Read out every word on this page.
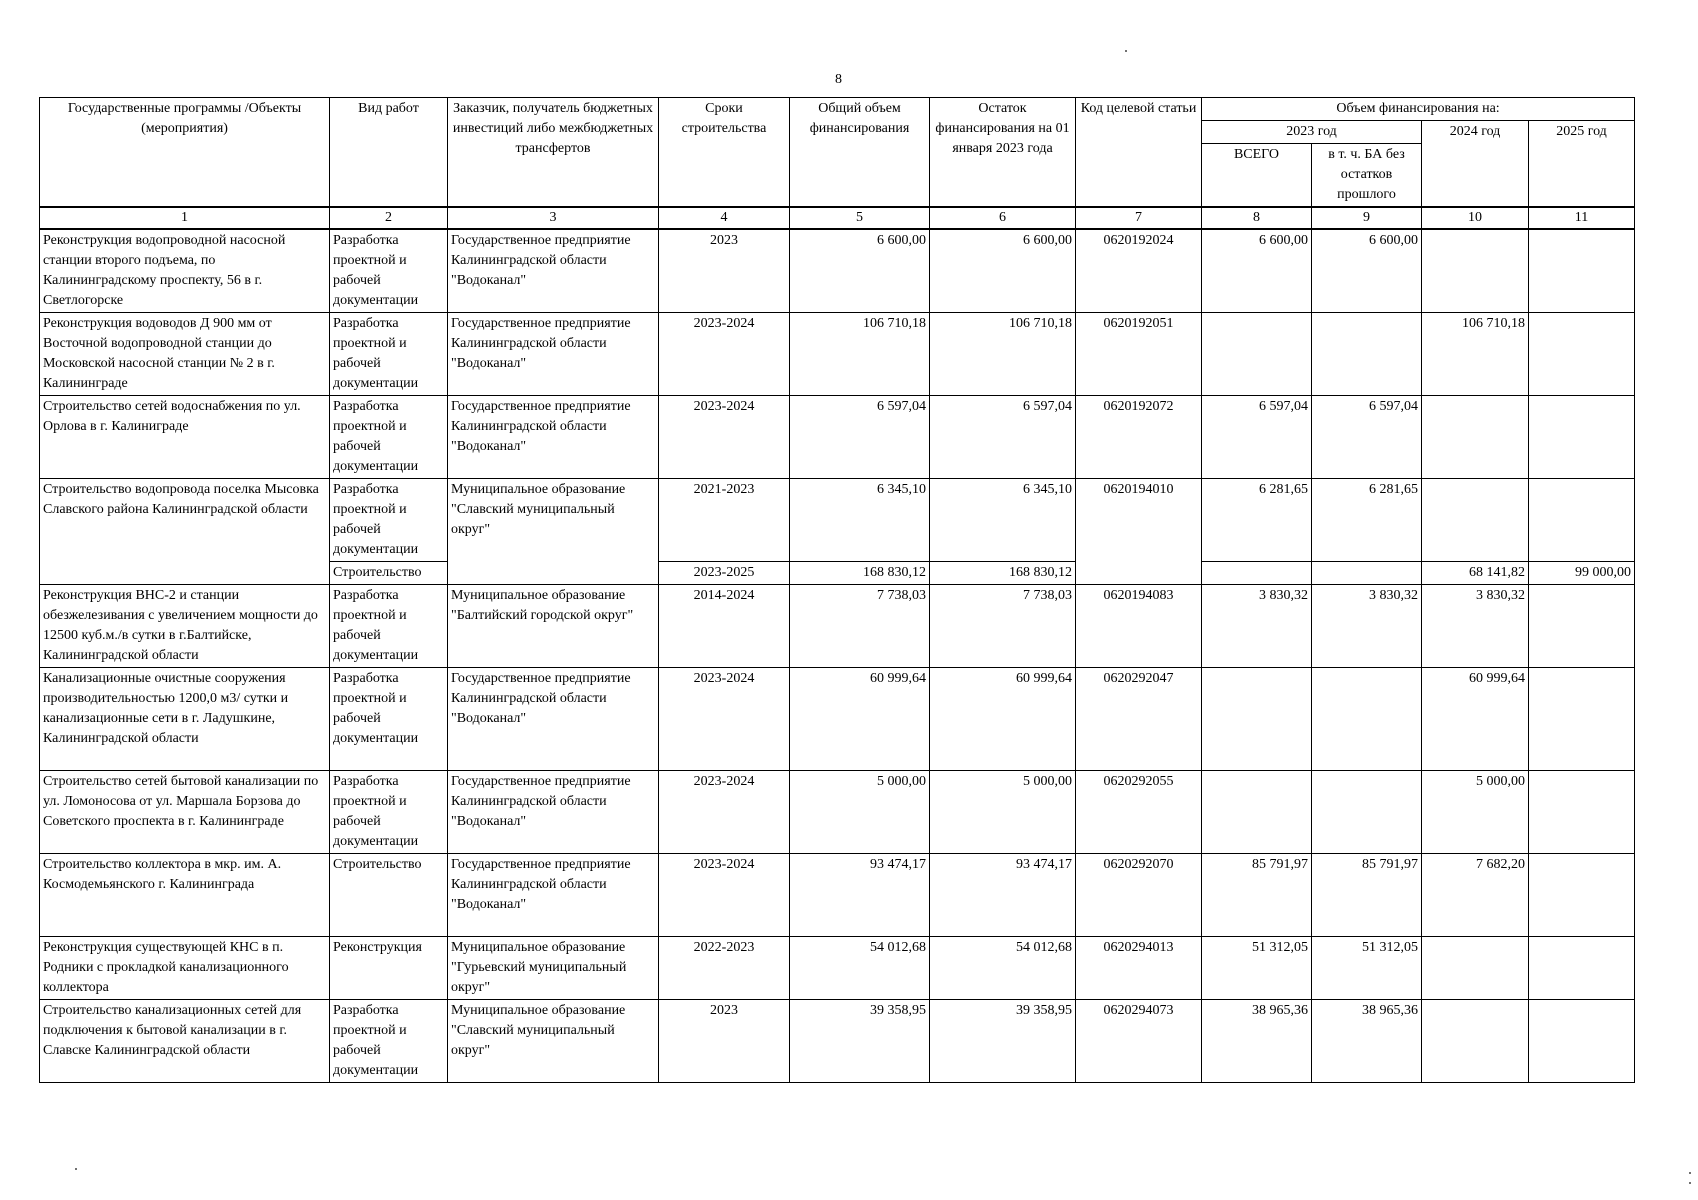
8
Государственные программы /Объекты (мероприятия)	Вид работ	Заказчик, получатель бюджетных инвестиций либо межбюджетных трансфертов	Сроки строительства	Общий объем финансирования	Остаток финансирования на 01 января 2023 года	Код целевой статьи	Объем финансирования на:			
							2023 год		2024 год	2025 год
							ВСЕГО	в т. ч. БА без остатков прошлого		
1	2	3	4	5	6	7	8	9	10	11
Реконструкция водопроводной насосной станции второго подъема, по Калининградскому проспекту, 56 в г. Светлогорске	Разработка проектной и рабочей документации	Государственное предприятие Калининградской области "Водоканал"	2023	6 600,00	6 600,00	0620192024	6 600,00	6 600,00		
Реконструкция водоводов Д 900 мм от Восточной водопроводной станции до Московской насосной станции № 2 в г. Калининграде	Разработка проектной и рабочей документации	Государственное предприятие Калининградской области "Водоканал"	2023-2024	106 710,18	106 710,18	0620192051			106 710,18	
Строительство сетей водоснабжения по ул. Орлова в г. Калиниграде	Разработка проектной и рабочей документации	Государственное предприятие Калининградской области "Водоканал"	2023-2024	6 597,04	6 597,04	0620192072	6 597,04	6 597,04		
Строительство водопровода поселка Мысовка Славского района Калининградской области	Разработка проектной и рабочей документации	Муниципальное образование "Славский муниципальный округ"	2021-2023	6 345,10	6 345,10	0620194010	6 281,65	6 281,65		
	Строительство		2023-2025	168 830,12	168 830,12				68 141,82	99 000,00
Реконструкция ВНС-2 и станции обезжелезивания с увеличением мощности до 12500 куб.м./в сутки в г.Балтийске, Калининградской области	Разработка проектной и рабочей документации	Муниципальное образование "Балтийский городской округ"	2014-2024	7 738,03	7 738,03	0620194083	3 830,32	3 830,32	3 830,32	
Канализационные очистные сооружения производительностью 1200,0 м3/ сутки и канализационные сети в г. Ладушкине, Калининградской области	Разработка проектной и рабочей документации	Государственное предприятие Калининградской области "Водоканал"	2023-2024	60 999,64	60 999,64	0620292047			60 999,64	
Строительство сетей бытовой канализации по ул. Ломоносова от ул. Маршала Борзова до Советского проспекта в г. Калининграде	Разработка проектной и рабочей документации	Государственное предприятие Калининградской области "Водоканал"	2023-2024	5 000,00	5 000,00	0620292055			5 000,00	
Строительство коллектора в мкр. им. А. Космодемьянского г. Калининграда	Строительство	Государственное предприятие Калининградской области "Водоканал"	2023-2024	93 474,17	93 474,17	0620292070	85 791,97	85 791,97	7 682,20	
Реконструкция существующей КНС в п. Родники с прокладкой канализационного коллектора	Реконструкция	Муниципальное образование "Гурьевский муниципальный округ"	2022-2023	54 012,68	54 012,68	0620294013	51 312,05	51 312,05		
Строительство канализационных сетей для подключения к бытовой канализации в г. Славске Калининградской области	Разработка проектной и рабочей документации	Муниципальное образование "Славский муниципальный округ"	2023	39 358,95	39 358,95	0620294073	38 965,36	38 965,36		
